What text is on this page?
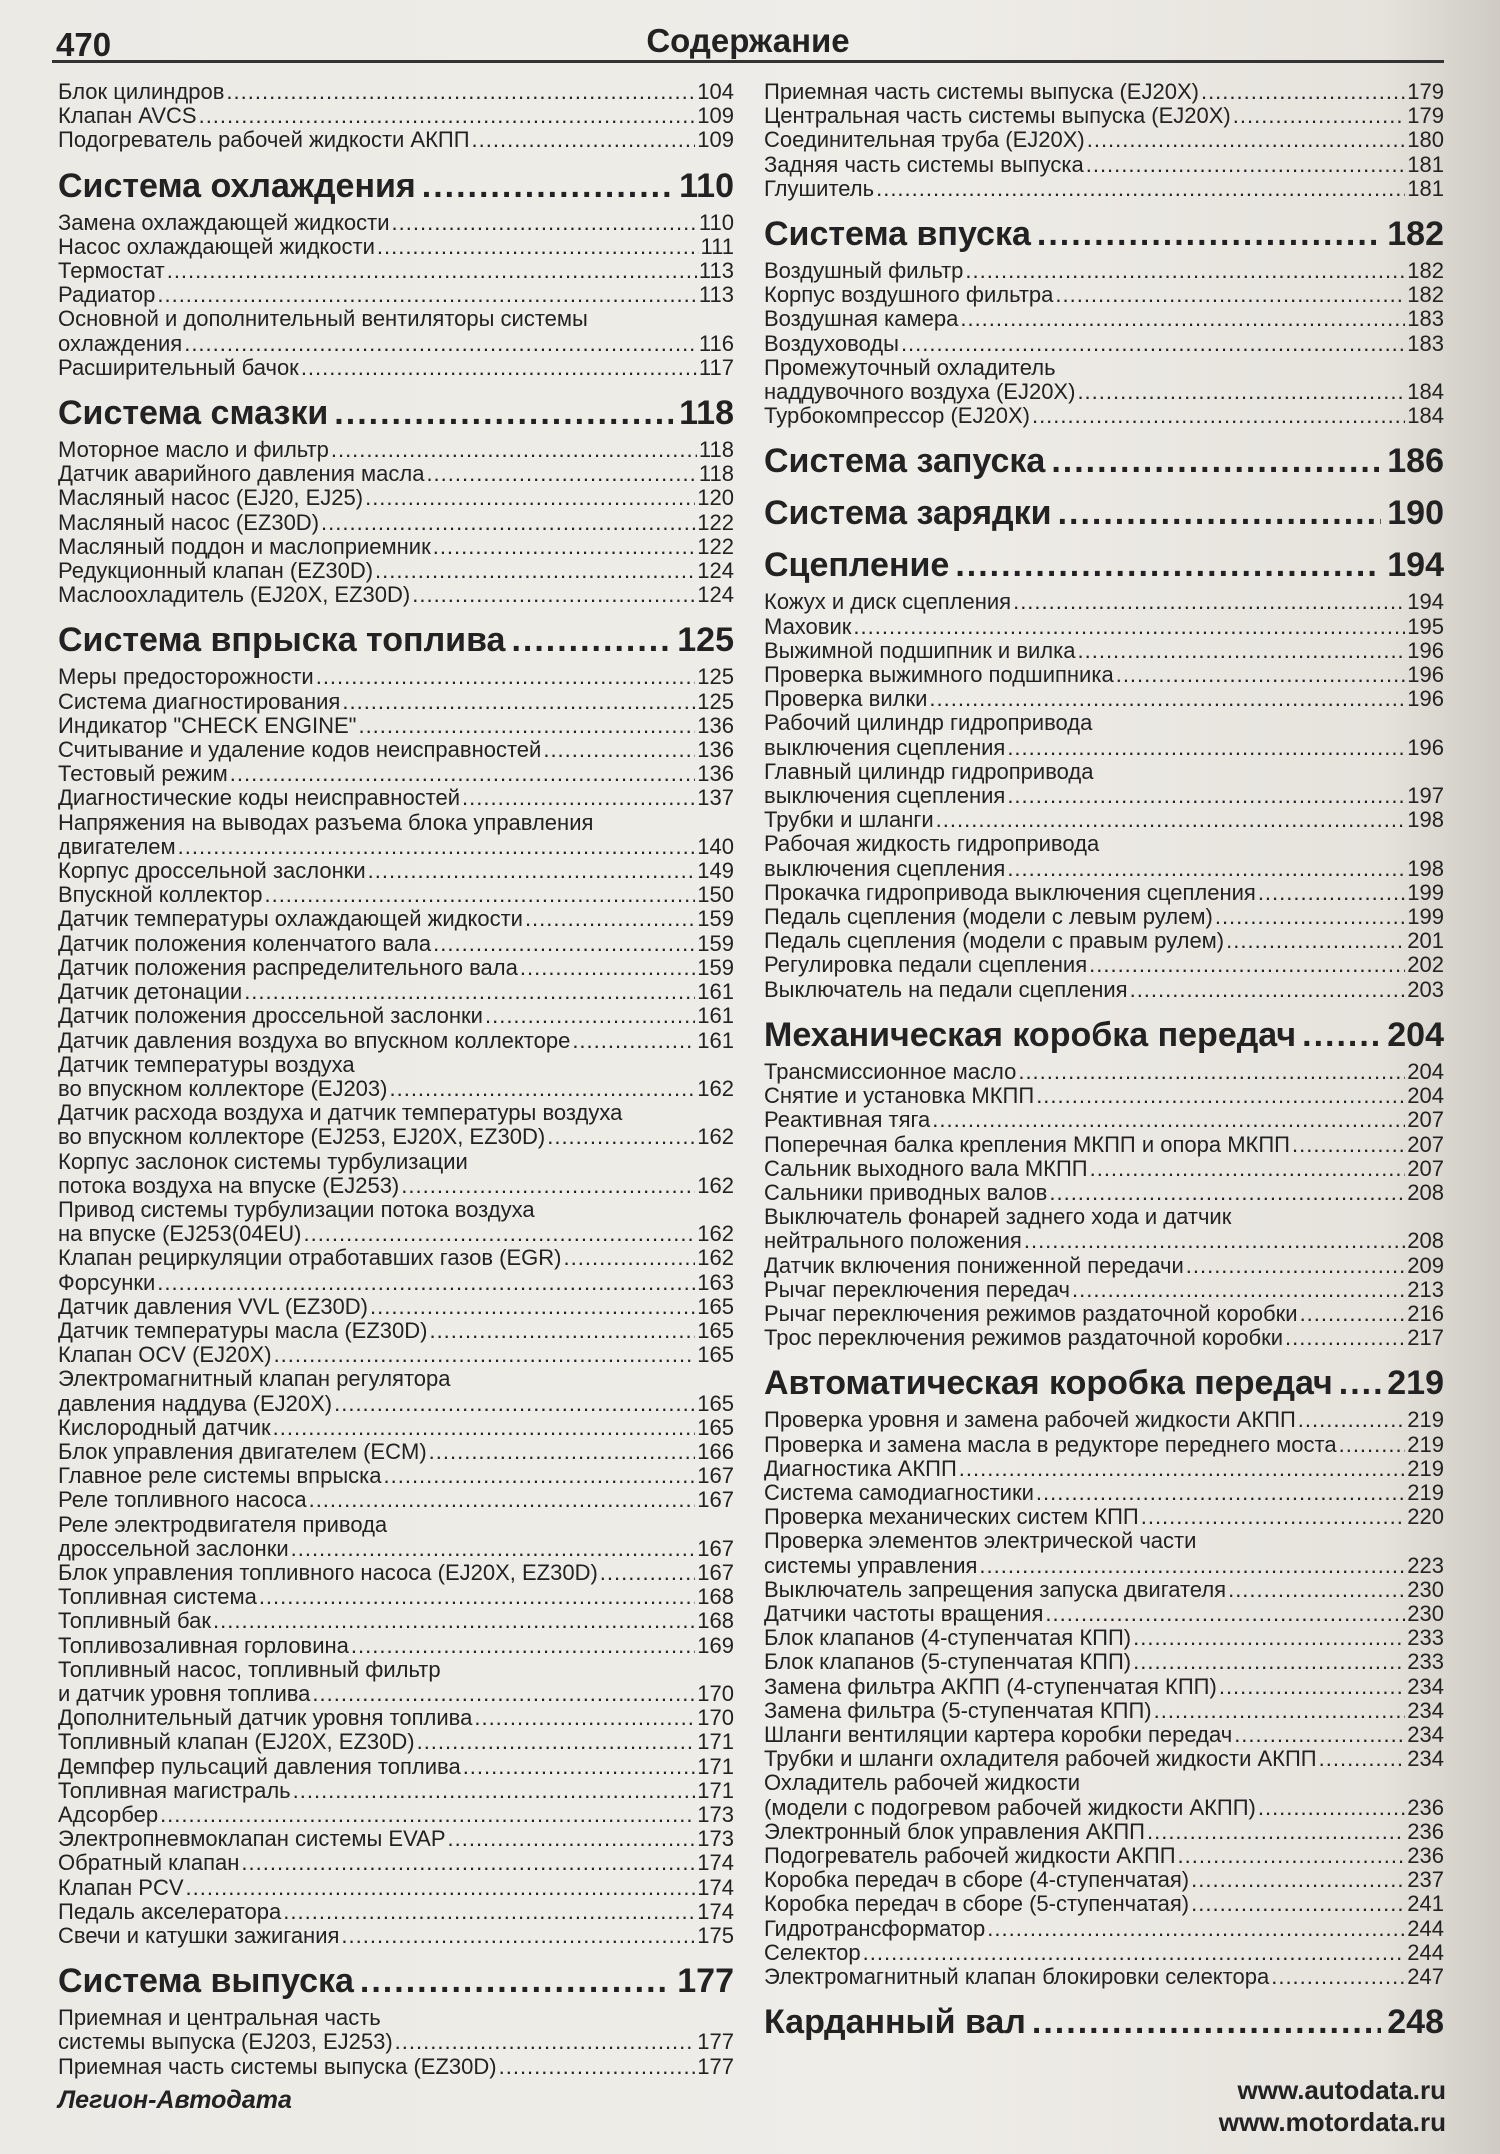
470	Содержание
Блок цилиндров .....	104
Клапан AVCS .....	109
Подогреватель рабочей жидкости АКПП .....	109
Система охлаждения .....	110
Замена охлаждающей жидкости .....	110
Насос охлаждающей жидкости .....	111
Термостат .....	113
Радиатор .....	113
Основной и дополнительный вентиляторы системы
охлаждения .....	116
Расширительный бачок .....	117
Система смазки .....	118
Моторное масло и фильтр .....	118
Датчик аварийного давления масла .....	118
Масляный насос (EJ20, EJ25) .....	120
Масляный насос (EZ30D) .....	122
Масляный поддон и маслоприемник .....	122
Редукционный клапан (EZ30D) .....	124
Маслоохладитель (EJ20X, EZ30D) .....	124
Система впрыска топлива .....	125
Меры предосторожности .....	125
Система диагностирования .....	125
Индикатор "CHECK ENGINE" .....	136
Считывание и удаление кодов неисправностей .....	136
Тестовый режим .....	136
Диагностические коды неисправностей .....	137
Напряжения на выводах разъема блока управления
двигателем .....	140
Корпус дроссельной заслонки .....	149
Впускной коллектор .....	150
Датчик температуры охлаждающей жидкости .....	159
Датчик положения коленчатого вала .....	159
Датчик положения распределительного вала .....	159
Датчик детонации .....	161
Датчик положения дроссельной заслонки .....	161
Датчик давления воздуха во впускном коллекторе .....	161
Датчик температуры воздуха
во впускном коллекторе (EJ203) .....	162
Датчик расхода воздуха и датчик температуры воздуха
во впускном коллекторе (EJ253, EJ20X, EZ30D) .....	162
Корпус заслонок системы турбулизации
потока воздуха на впуске (EJ253) .....	162
Привод системы турбулизации потока воздуха
на впуске (EJ253(04EU) .....	162
Клапан рециркуляции отработавших газов (EGR) .....	162
Форсунки .....	163
Датчик давления VVL (EZ30D) .....	165
Датчик температуры масла (EZ30D) .....	165
Клапан OCV (EJ20X) .....	165
Электромагнитный клапан регулятора
давления наддува (EJ20X) .....	165
Кислородный датчик .....	165
Блок управления двигателем (ECM) .....	166
Главное реле системы впрыска .....	167
Реле топливного насоса .....	167
Реле электродвигателя привода
дроссельной заслонки .....	167
Блок управления топливного насоса (EJ20X, EZ30D) .....	167
Топливная система .....	168
Топливный бак .....	168
Топливозаливная горловина .....	169
Топливный насос, топливный фильтр
и датчик уровня топлива .....	170
Дополнительный датчик уровня топлива .....	170
Топливный клапан (EJ20X, EZ30D) .....	171
Демпфер пульсаций давления топлива .....	171
Топливная магистраль .....	171
Адсорбер .....	173
Электропневмоклапан системы EVAP .....	173
Обратный клапан .....	174
Клапан PCV .....	174
Педаль акселератора .....	174
Свечи и катушки зажигания .....	175
Система выпуска .....	177
Приемная и центральная часть
системы выпуска (EJ203, EJ253) .....	177
Приемная часть системы выпуска (EZ30D) .....	177
Приемная часть системы выпуска (EJ20X) .....	179
Центральная часть системы выпуска (EJ20X) .....	179
Соединительная труба (EJ20X) .....	180
Задняя часть системы выпуска .....	181
Глушитель .....	181
Система впуска .....	182
Воздушный фильтр .....	182
Корпус воздушного фильтра .....	182
Воздушная камера .....	183
Воздуховоды .....	183
Промежуточный охладитель
наддувочного воздуха (EJ20X) .....	184
Турбокомпрессор (EJ20X) .....	184
Система запуска .....	186
Система зарядки .....	190
Сцепление .....	194
Кожух и диск сцепления .....	194
Маховик .....	195
Выжимной подшипник и вилка .....	196
Проверка выжимного подшипника .....	196
Проверка вилки .....	196
Рабочий цилиндр гидропривода
выключения сцепления .....	196
Главный цилиндр гидропривода
выключения сцепления .....	197
Трубки и шланги .....	198
Рабочая жидкость гидропривода
выключения сцепления .....	198
Прокачка гидропривода выключения сцепления .....	199
Педаль сцепления (модели с левым рулем) .....	199
Педаль сцепления (модели с правым рулем) .....	201
Регулировка педали сцепления .....	202
Выключатель на педали сцепления .....	203
Механическая коробка передач .....	204
Трансмиссионное масло .....	204
Снятие и установка МКПП .....	204
Реактивная тяга .....	207
Поперечная балка крепления МКПП и опора МКПП .....	207
Сальник выходного вала МКПП .....	207
Сальники приводных валов .....	208
Выключатель фонарей заднего хода и датчик
нейтрального положения .....	208
Датчик включения пониженной передачи .....	209
Рычаг переключения передач .....	213
Рычаг переключения режимов раздаточной коробки .....	216
Трос переключения режимов раздаточной коробки .....	217
Автоматическая коробка передач ..... 219
Проверка уровня и замена рабочей жидкости АКПП .....	219
Проверка и замена масла в редукторе переднего моста .....	219
Диагностика АКПП .....	219
Система самодиагностики .....	219
Проверка механических систем КПП .....	220
Проверка элементов электрической части
системы управления .....	223
Выключатель запрещения запуска двигателя .....	230
Датчики частоты вращения .....	230
Блок клапанов (4-ступенчатая КПП) .....	233
Блок клапанов (5-ступенчатая КПП) .....	233
Замена фильтра АКПП (4-ступенчатая КПП) .....	234
Замена фильтра (5-ступенчатая КПП) .....	234
Шланги вентиляции картера коробки передач .....	234
Трубки и шланги охладителя рабочей жидкости АКПП .....	234
Охладитель рабочей жидкости
(модели с подогревом рабочей жидкости АКПП) .....	236
Электронный блок управления АКПП .....	236
Подогреватель рабочей жидкости АКПП .....	236
Коробка передач в сборе (4-ступенчатая) .....	237
Коробка передач в сборе (5-ступенчатая) .....	241
Гидротрансформатор .....	244
Селектор .....	244
Электромагнитный клапан блокировки селектора .....	247
Карданный вал .....	248
Легион-Автодата	www.autodata.ru
www.motordata.ru
